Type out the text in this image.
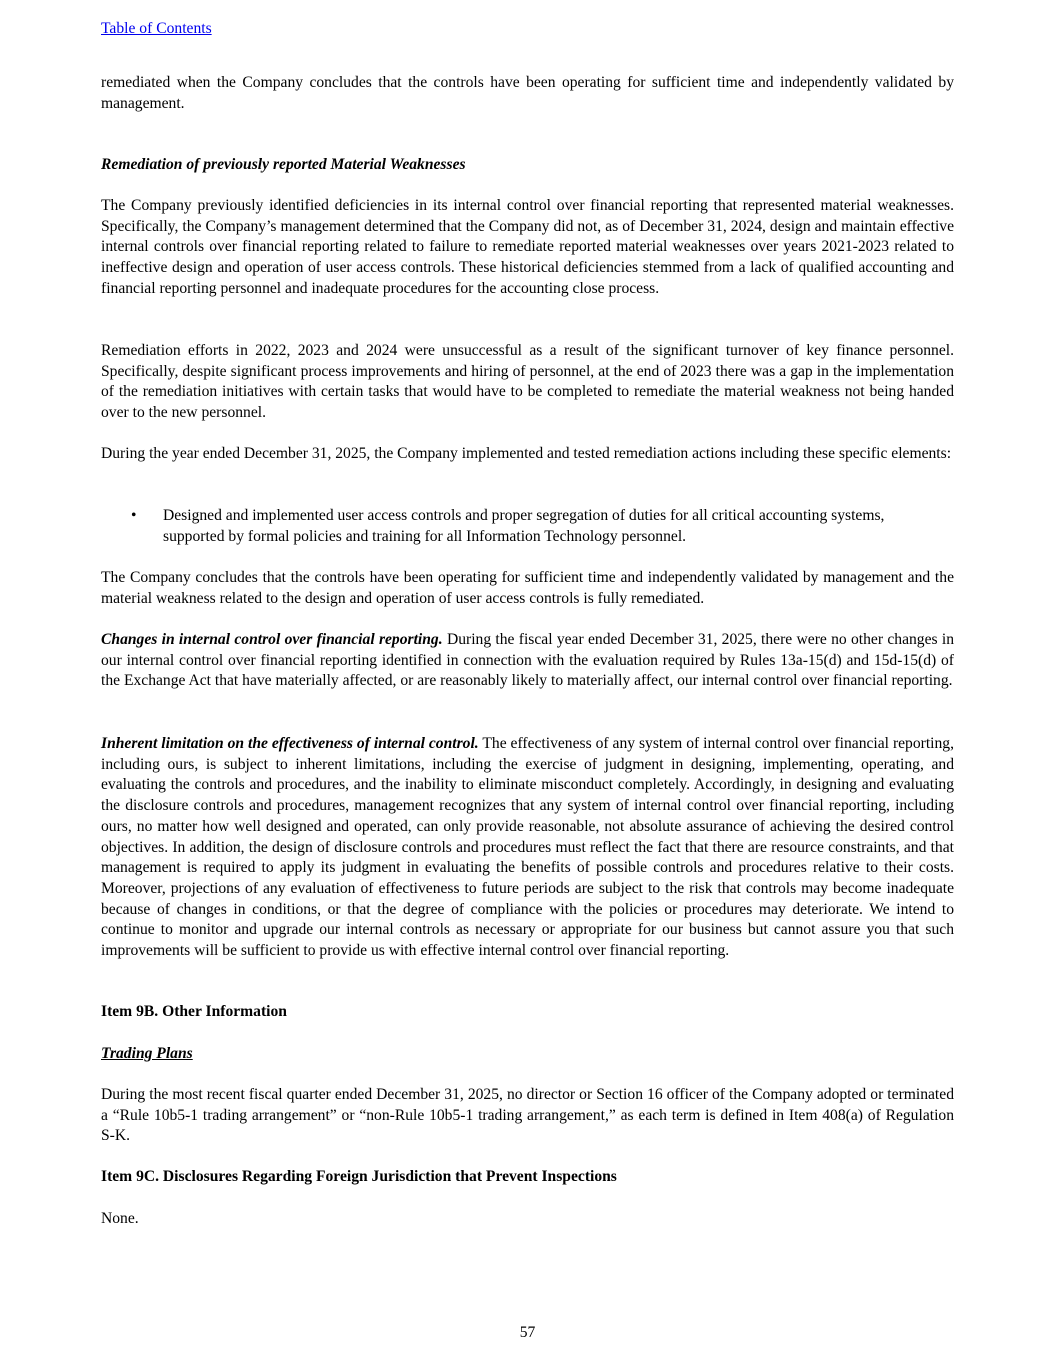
Table of Contents

remediated when the Company concludes that the controls have been operating for sufficient time and independently validated by management.

Remediation of previously reported Material Weaknesses

The Company previously identified deficiencies in its internal control over financial reporting that represented material weaknesses. Specifically, the Company’s management determined that the Company did not, as of December 31, 2024, design and maintain effective internal controls over financial reporting related to failure to remediate reported material weaknesses over years 2021-2023 related to ineffective design and operation of user access controls. These historical deficiencies stemmed from a lack of qualified accounting and financial reporting personnel and inadequate procedures for the accounting close process.

Remediation efforts in 2022, 2023 and 2024 were unsuccessful as a result of the significant turnover of key finance personnel. Specifically, despite significant process improvements and hiring of personnel, at the end of 2023 there was a gap in the implementation of the remediation initiatives with certain tasks that would have to be completed to remediate the material weakness not being handed over to the new personnel.

During the year ended December 31, 2025, the Company implemented and tested remediation actions including these specific elements:

• Designed and implemented user access controls and proper segregation of duties for all critical accounting systems, supported by formal policies and training for all Information Technology personnel.

The Company concludes that the controls have been operating for sufficient time and independently validated by management and the material weakness related to the design and operation of user access controls is fully remediated.

Changes in internal control over financial reporting. During the fiscal year ended December 31, 2025, there were no other changes in our internal control over financial reporting identified in connection with the evaluation required by Rules 13a-15(d) and 15d-15(d) of the Exchange Act that have materially affected, or are reasonably likely to materially affect, our internal control over financial reporting.

Inherent limitation on the effectiveness of internal control. The effectiveness of any system of internal control over financial reporting, including ours, is subject to inherent limitations, including the exercise of judgment in designing, implementing, operating, and evaluating the controls and procedures, and the inability to eliminate misconduct completely. Accordingly, in designing and evaluating the disclosure controls and procedures, management recognizes that any system of internal control over financial reporting, including ours, no matter how well designed and operated, can only provide reasonable, not absolute assurance of achieving the desired control objectives. In addition, the design of disclosure controls and procedures must reflect the fact that there are resource constraints, and that management is required to apply its judgment in evaluating the benefits of possible controls and procedures relative to their costs. Moreover, projections of any evaluation of effectiveness to future periods are subject to the risk that controls may become inadequate because of changes in conditions, or that the degree of compliance with the policies or procedures may deteriorate. We intend to continue to monitor and upgrade our internal controls as necessary or appropriate for our business but cannot assure you that such improvements will be sufficient to provide us with effective internal control over financial reporting.

Item 9B. Other Information

Trading Plans

During the most recent fiscal quarter ended December 31, 2025, no director or Section 16 officer of the Company adopted or terminated a “Rule 10b5-1 trading arrangement” or “non-Rule 10b5-1 trading arrangement,” as each term is defined in Item 408(a) of Regulation S-K.

Item 9C. Disclosures Regarding Foreign Jurisdiction that Prevent Inspections

None.

57
